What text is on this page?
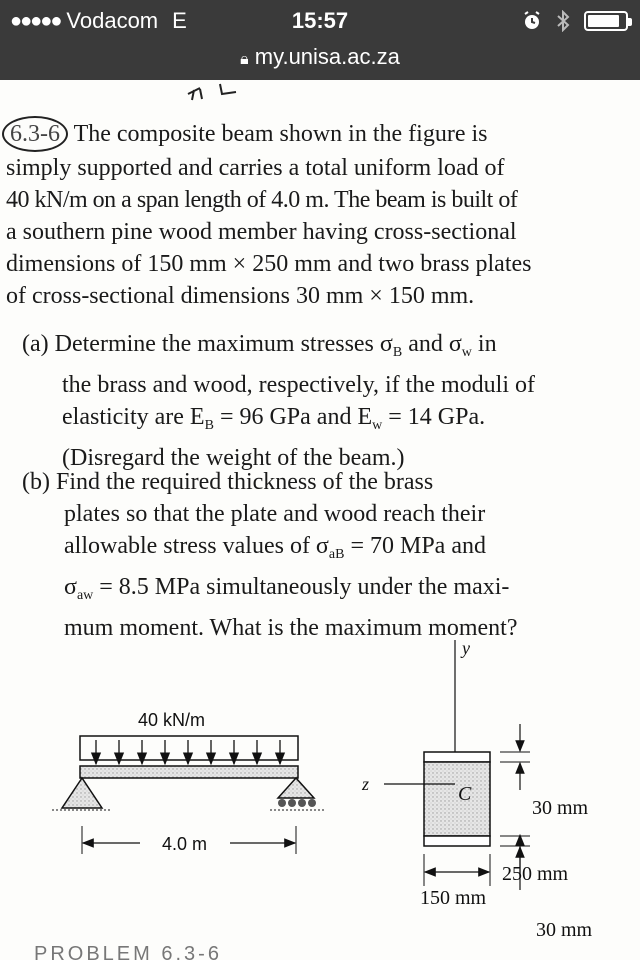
●●●●● Vodacom E	15:57
🔒︎ my.unisa.ac.za
6.3-6 The composite beam shown in the figure is
simply supported and carries a total uniform load of
40 kN/m on a span length of 4.0 m. The beam is built of
a southern pine wood member having cross-sectional
dimensions of 150 mm × 250 mm and two brass plates
of cross-sectional dimensions 30 mm × 150 mm.
(a) Determine the maximum stresses $\sigma_B$ and $\sigma_w$ in
the brass and wood, respectively, if the moduli of
elasticity are $E_B = 96$ GPa and $E_w = 14$ GPa.
(Disregard the weight of the beam.)
(b) Find the required thickness of the brass
plates so that the plate and wood reach their
allowable stress values of $\sigma_{aB} = 70$ MPa and
$\sigma_{aw} = 8.5$ MPa simultaneously under the maxi-
mum moment. What is the maximum moment?
40 kN/m
4.0 m
y
z	C
30 mm
250 mm
30 mm
150 mm
PROBLEM 6.3-6
